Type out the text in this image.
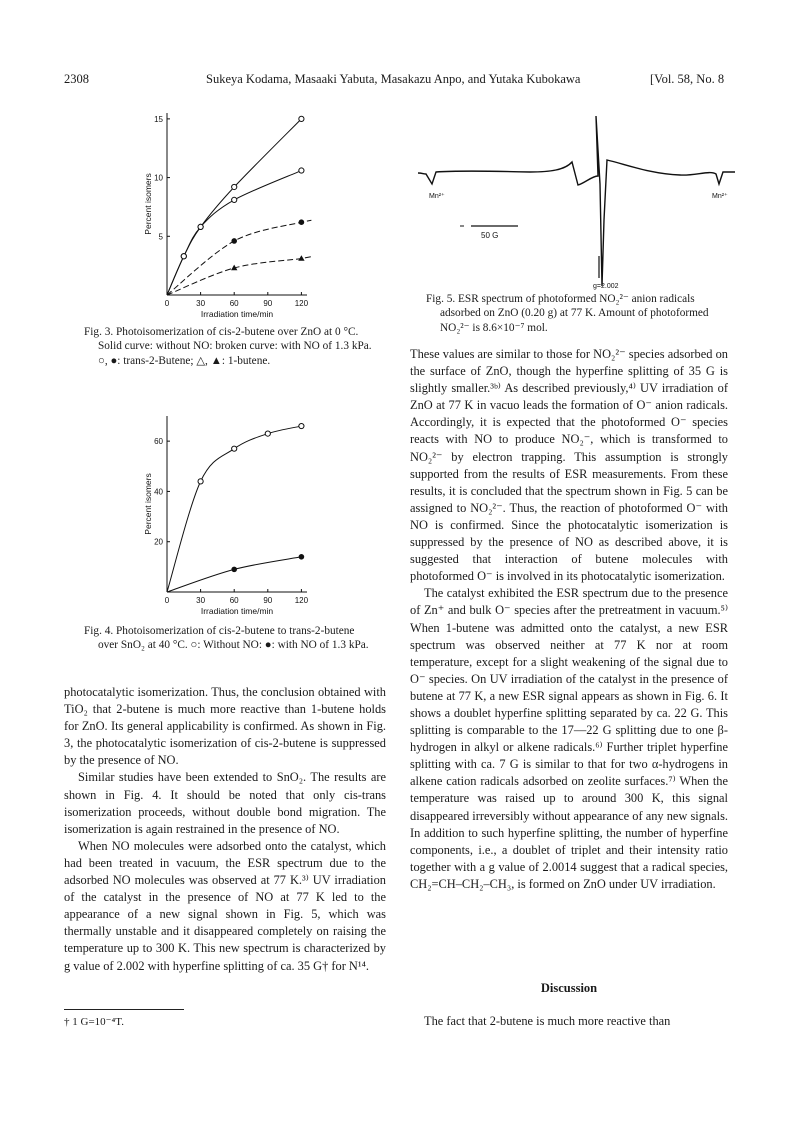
2308	Sukeya Kodama, Masaaki Yabuta, Masakazu Anpo, and Yutaka Kubokawa	[Vol. 58, No. 8
0	30	60	90	120
5
10
15
Irradiation time/min
Percent isomers

Fig. 3. Photoisomerization of cis-2-butene over ZnO at 0 °C.

Solid curve: without NO: broken curve: with NO of 1.3 kPa. ○, ●: trans-2-Butene; △, ▲: 1-butene.

0	30	60	90	120
20
40
60
Irradiation time/min
Percent isomers

Fig. 4. Photoisomerization of cis-2-butene to trans-2-butene over SnO₂ at 40 °C. ○: Without NO: ●: with NO of 1.3 kPa.

Mn²⁺	Mn²⁺
50 G
g=2.002

Fig. 5. ESR spectrum of photoformed NO₂²⁻ anion radicals adsorbed on ZnO (0.20 g) at 77 K. Amount of photoformed NO₂²⁻ is 8.6×10⁻⁷ mol.

photocatalytic isomerization. Thus, the conclusion obtained with TiO₂ that 2-butene is much more reactive than 1-butene holds for ZnO. Its general applicability is confirmed. As shown in Fig. 3, the photocatalytic isomerization of cis-2-butene is suppressed by the presence of NO.

Similar studies have been extended to SnO₂. The results are shown in Fig. 4. It should be noted that only cis-trans isomerization proceeds, without double bond migration. The isomerization is again restrained in the presence of NO.

When NO molecules were adsorbed onto the catalyst, which had been treated in vacuum, the ESR spectrum due to the adsorbed NO molecules was observed at 77 K.³⁾ UV irradiation of the catalyst in the presence of NO at 77 K led to the appearance of a new signal shown in Fig. 5, which was thermally unstable and it disappeared completely on raising the temperature up to 300 K. This new spectrum is characterized by g value of 2.002 with hyperfine splitting of ca. 35 G† for N¹⁴.

† 1 G=10⁻⁴T.

These values are similar to those for NO₂²⁻ species adsorbed on the surface of ZnO, though the hyperfine splitting of 35 G is slightly smaller.³ᵇ⁾ As described previously,⁴⁾ UV irradiation of ZnO at 77 K in vacuo leads the formation of O⁻ anion radicals. Accordingly, it is expected that the photoformed O⁻ species reacts with NO to produce NO₂⁻, which is transformed to NO₂²⁻ by electron trapping. This assumption is strongly supported from the results of ESR measurements. From these results, it is concluded that the spectrum shown in Fig. 5 can be assigned to NO₂²⁻. Thus, the reaction of photoformed O⁻ with NO is confirmed. Since the photocatalytic isomerization is suppressed by the presence of NO as described above, it is suggested that interaction of butene molecules with photoformed O⁻ is involved in its photocatalytic isomerization.

The catalyst exhibited the ESR spectrum due to the presence of Zn⁺ and bulk O⁻ species after the pretreatment in vacuum.⁵⁾ When 1-butene was admitted onto the catalyst, a new ESR spectrum was observed neither at 77 K nor at room temperature, except for a slight weakening of the signal due to O⁻ species. On UV irradiation of the catalyst in the presence of butene at 77 K, a new ESR signal appears as shown in Fig. 6. It shows a doublet hyperfine splitting separated by ca. 22 G. This splitting is comparable to the 17—22 G splitting due to one β-hydrogen in alkyl or alkene radicals.⁶⁾ Further triplet hyperfine splitting with ca. 7 G is similar to that for two α-hydrogens in alkene cation radicals adsorbed on zeolite surfaces.⁷⁾ When the temperature was raised up to around 300 K, this signal disappeared irreversibly without appearance of any new signals. In addition to such hyperfine splitting, the number of hyperfine components, i.e., a doublet of triplet and their intensity ratio together with a g value of 2.0014 suggest that a radical species, CH₂=CH–CH₂–CH₃, is formed on ZnO under UV irradiation.

Discussion

The fact that 2-butene is much more reactive than
